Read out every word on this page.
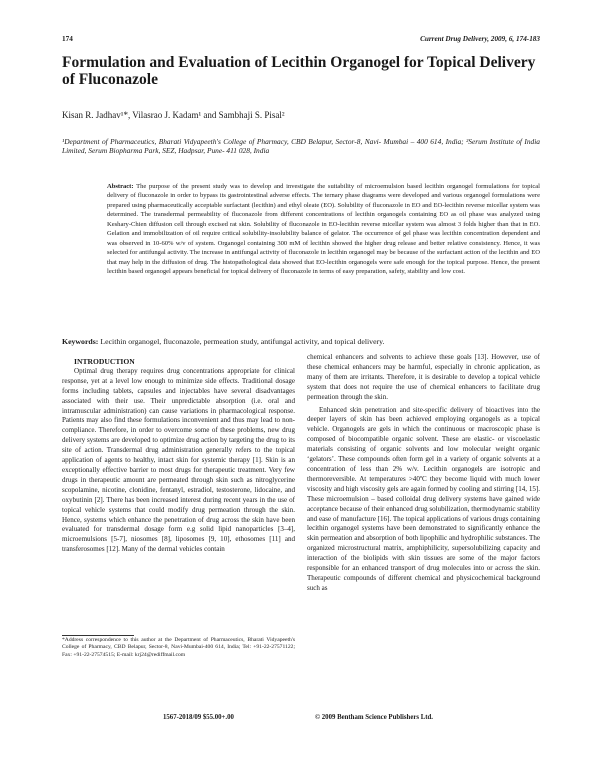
174	Current Drug Delivery, 2009, 6, 174-183
Formulation and Evaluation of Lecithin Organogel for Topical Delivery of Fluconazole
Kisan R. Jadhav¹*, Vilasrao J. Kadam¹ and Sambhaji S. Pisal²
¹Department of Pharmaceutics, Bharati Vidyapeeth's College of Pharmacy, CBD Belapur, Sector-8, Navi- Mumbai – 400 614, India; ²Serum Institute of India Limited, Serum Biopharma Park, SEZ, Hadpsar, Pune- 411 028, India
Abstract: The purpose of the present study was to develop and investigate the suitability of microemulsion based lecithin organogel formulations for topical delivery of fluconazole in order to bypass its gastrointestinal adverse effects. The ternary phase diagrams were developed and various organogel formulations were prepared using pharmaceutically acceptable surfactant (lecithin) and ethyl oleate (EO). Solubility of fluconazole in EO and EO-lecithin reverse micellar system was determined. The transdermal permeability of fluconazole from different concentrations of lecithin organogels containing EO as oil phase was analyzed using Keshary-Chien diffusion cell through excised rat skin. Solubility of fluconazole in EO-lecithin reverse micellar system was almost 3 folds higher than that in EO. Gelation and immobilization of oil require critical solubility-insolubility balance of gelator. The occurrence of gel phase was lecithin concentration dependent and was observed in 10-60% w/v of system. Organogel containing 300 mM of lecithin showed the higher drug release and better relative consistency. Hence, it was selected for antifungal activity. The increase in antifungal activity of fluconazole in lecithin organogel may be because of the surfactant action of the lecithin and EO that may help in the diffusion of drug. The histopathological data showed that EO-lecithin organogels were safe enough for the topical purpose. Hence, the present lecithin based organogel appears beneficial for topical delivery of fluconazole in terms of easy preparation, safety, stability and low cost.
Keywords: Lecithin organogel, fluconazole, permeation study, antifungal activity, and topical delivery.

INTRODUCTION

Optimal drug therapy requires drug concentrations appropriate for clinical response, yet at a level low enough to minimize side effects. Traditional dosage forms including tablets, capsules and injectables have several disadvantages associated with their use. Their unpredictable absorption (i.e. oral and intramuscular administration) can cause variations in pharmacological response. Patients may also find these formulations inconvenient and thus may lead to non- compliance. Therefore, in order to overcome some of these problems, new drug delivery systems are developed to optimize drug action by targeting the drug to its site of action. Transdermal drug administration generally refers to the topical application of agents to healthy, intact skin for systemic therapy [1]. Skin is an exceptionally effective barrier to most drugs for therapeutic treatment. Very few drugs in therapeutic amount are permeated through skin such as nitroglycerine scopolamine, nicotine, clonidine, fentanyl, estradiol, testosterone, lidocaine, and oxybutinin [2]. There has been increased interest during recent years in the use of topical vehicle systems that could modify drug permeation through the skin. Hence, systems which enhance the penetration of drug across the skin have been evaluated for transdermal dosage form e.g solid lipid nanoparticles [3–4], microemulsions [5-7], niosomes [8], liposomes [9, 10], ethosomes [11] and transferosomes [12]. Many of the dermal vehicles contain

chemical enhancers and solvents to achieve these goals [13]. However, use of these chemical enhancers may be harmful, especially in chronic application, as many of them are irritants. Therefore, it is desirable to develop a topical vehicle system that does not require the use of chemical enhancers to facilitate drug permeation through the skin.

Enhanced skin penetration and site-specific delivery of bioactives into the deeper layers of skin has been achieved employing organogels as a topical vehicle. Organogels are gels in which the continuous or macroscopic phase is composed of biocompatible organic solvent. These are elastic- or viscoelastic materials consisting of organic solvents and low molecular weight organic ‘gelators’. These compounds often form gel in a variety of organic solvents at a concentration of less than 2% w/v. Lecithin organogels are isotropic and thermoreversible. At temperatures >40ºC they become liquid with much lower viscosity and high viscosity gels are again formed by cooling and stirring [14, 15]. These microemulsion – based colloidal drug delivery systems have gained wide acceptance because of their enhanced drug solubilization, thermodynamic stability and ease of manufacture [16]. The topical applications of various drugs containing lecithin organogel systems have been demonstrated to significantly enhance the skin permeation and absorption of both lipophilic and hydrophilic substances. The organized microstructural matrix, amphiphilicity, supersolubilizing capacity and interaction of the biolipids with skin tissues are some of the major factors responsible for an enhanced transport of drug molecules into or across the skin. Therapeutic compounds of different chemical and physicochemical background such as

*Address correspondence to this author at the Department of Pharmaceutics, Bharati Vidyapeeth's College of Pharmacy, CBD Belapur, Sector-8, Navi-Mumbai-400 614, India; Tel: +91-22-27571122; Fax: +91-22-27574515; E-mail: krj24@rediffmail.com
1567-2018/09 $55.00+.00	© 2009 Bentham Science Publishers Ltd.
